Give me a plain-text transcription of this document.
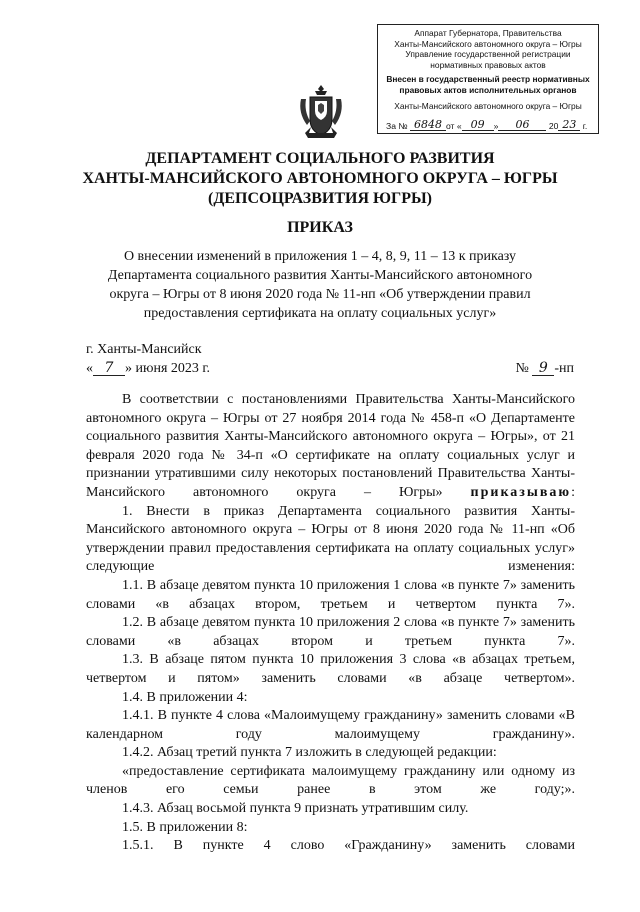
Аппарат Губернатора, Правительства
Ханты-Мансийского автономного округа – Югры
Управление государственной регистрации
нормативных правовых актов
Внесен в государственный реестр нормативных
правовых актов исполнительных органов
Ханты-Мансийского автономного округа – Югры
За №
6848 от « 09	»	06
	20 23
г.
ДЕПАРТАМЕНТ СОЦИАЛЬНОГО РАЗВИТИЯ
ХАНТЫ-МАНСИЙСКОГО АВТОНОМНОГО ОКРУГА – ЮГРЫ
(ДЕПСОЦРАЗВИТИЯ ЮГРЫ)
ПРИКАЗ
О внесении изменений в приложения 1 – 4, 8, 9, 11 – 13 к приказу
Департамента социального развития Ханты-Мансийского автономного
округа – Югры от 8 июня 2020 года № 11-нп «Об утверждении правил
предоставления сертификата на оплату социальных услуг»
г. Ханты-Мансийск
« 7 » июня 2023 г.	№ 9 -нп

В соответствии с постановлениями Правительства Ханты-Мансийского автономного округа – Югры от 27 ноября 2014 года № 458-п «О Департаменте социального развития Ханты-Мансийского автономного округа – Югры», от 21 февраля 2020 года № 34-п «О сертификате на оплату социальных услуг и признании утратившими силу некоторых постановлений Правительства Ханты-Мансийского автономного округа – Югры» приказываю:

1. Внести в приказ Департамента социального развития Ханты-Мансийского автономного округа – Югры от 8 июня 2020 года № 11-нп «Об утверждении правил предоставления сертификата на оплату социальных услуг» следующие изменения:

1.1. В абзаце девятом пункта 10 приложения 1 слова «в пункте 7» заменить словами «в абзацах втором, третьем и четвертом пункта 7».

1.2. В абзаце девятом пункта 10 приложения 2 слова «в пункте 7» заменить словами «в абзацах втором и третьем пункта 7».

1.3. В абзаце пятом пункта 10 приложения 3 слова «в абзацах третьем, четвертом и пятом» заменить словами «в абзаце четвертом».

1.4. В приложении 4:

1.4.1. В пункте 4 слова «Малоимущему гражданину» заменить словами «В календарном году малоимущему гражданину».

1.4.2. Абзац третий пункта 7 изложить в следующей редакции:

«предоставление сертификата малоимущему гражданину или одному из членов его семьи ранее в этом же году;».

1.4.3. Абзац восьмой пункта 9 признать утратившим силу.

1.5. В приложении 8:

1.5.1. В пункте 4 слово «Гражданину» заменить словами
